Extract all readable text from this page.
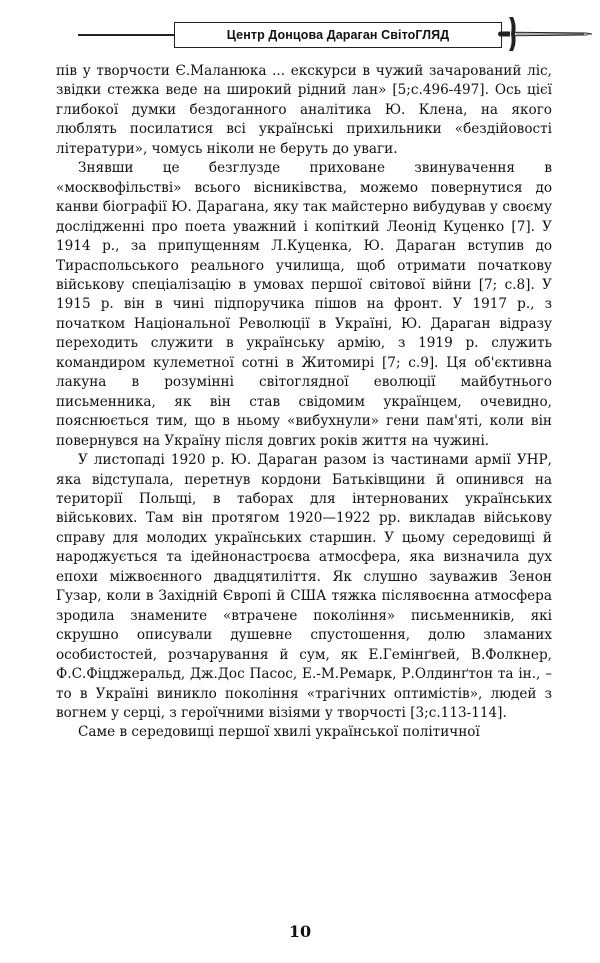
Центр Донцова Дараган СвітоГЛЯД

пів у творчости Є.Маланюка ... екскурси в чужий зачарований ліс, звідки стежка веде на широкий рідний лан» [5;с.496-497]. Ось цієї глибокої думки бездоганного аналітика Ю. Клена, на якого люблять посилатися всі українські прихильники «бездійовості літератури», чомусь ніколи не беруть до уваги.

Знявши це безглузде приховане звинувачення в «москвофільстві» всього вісниківства, можемо повернутися до канви біографії Ю. Дарагана, яку так майстерно вибудував у своєму дослідженні про поета уважний і копіткий Леонід Куценко [7]. У 1914 р., за припущенням Л.Куценка, Ю. Дараган вступив до Тираспольського реального училища, щоб отримати початкову військову спеціалізацію в умовах першої світової війни [7; с.8]. У 1915 р. він в чині підпоручика пішов на фронт. У 1917 р., з початком Національної Революції в Україні, Ю. Дараган відразу переходить служити в українську армію, з 1919 р. служить командиром кулеметної сотні в Житомирі [7; с.9]. Ця об'єктивна лакуна в розумінні світоглядної еволюції майбутнього письменника, як він став свідомим українцем, очевидно, пояснюється тим, що в ньому «вибухнули» гени пам'яті, коли він повернувся на Україну після довгих років життя на чужині.

У листопаді 1920 р. Ю. Дараган разом із частинами армії УНР, яка відступала, перетнув кордони Батьківщини й опинився на території Польщі, в таборах для інтернованих українських військових. Там він протягом 1920—1922 рр. викладав військову справу для молодих українських старшин. У цьому середовищі й народжується та ідейнонастроєва атмосфера, яка визначила дух епохи міжвоєнного двадцятиліття. Як слушно зауважив Зенон Гузар, коли в Західній Європі й США тяжка післявоєнна атмосфера зродила знамените «втрачене покоління» письменників, які скрушно описували душевне спустошення, долю зламаних особистостей, розчарування й сум, як Е.Гемінґвей, В.Фолкнер, Ф.С.Фіцджеральд, Дж.Дос Пасос, Е.-М.Ремарк, Р.Олдинґтон та ін., – то в Україні виникло покоління «трагічних оптимістів», людей з вогнем у серці, з героїчними візіями у творчості [3;с.113-114].

Саме в середовищі першої хвилі української політичної

10
